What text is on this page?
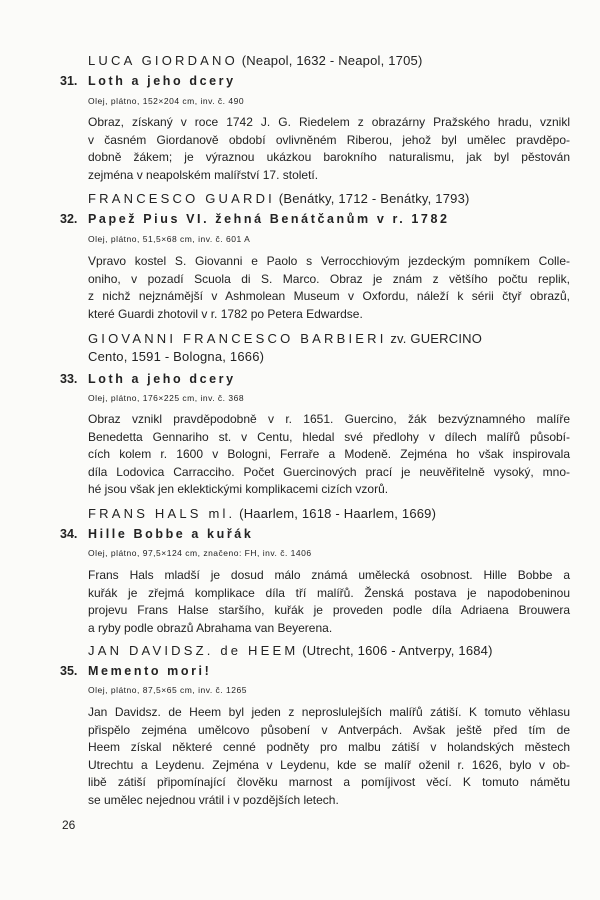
LUCA GIORDANO (Neapol, 1632 - Neapol, 1705)
31. Loth a jeho dcery
Olej, plátno, 152×204 cm, inv. č. 490
Obraz, získaný v roce 1742 J. G. Riedelem z obrazárny Pražského hradu, vznikl
v časném Giordanově období ovlivněném Riberou, jehož byl umělec pravděpo-
dobně žákem; je výraznou ukázkou barokního naturalismu, jak byl pěstován
zejména v neapolském malířství 17. století.
FRANCESCO GUARDI (Benátky, 1712 - Benátky, 1793)
32. Papež Pius VI. žehná Benátčanům v r. 1782
Olej, plátno, 51,5×68 cm, inv. č. 601 A
Vpravo kostel S. Giovanni e Paolo s Verrocchiovým jezdeckým pomníkem Colle-
oniho, v pozadí Scuola di S. Marco. Obraz je znám z většího počtu replik,
z nichž nejznámější v Ashmolean Museum v Oxfordu, náleží k sérii čtyř obrazů,
které Guardi zhotovil v r. 1782 po Petera Edwardse.
GIOVANNI FRANCESCO BARBIERI zv. GUERCINO
Cento, 1591 - Bologna, 1666)
33. Loth a jeho dcery
Olej, plátno, 176×225 cm, inv. č. 368
Obraz vznikl pravděpodobně v r. 1651. Guercino, žák bezvýznamného malíře
Benedetta Gennariho st. v Centu, hledal své předlohy v dílech malířů působí-
cích kolem r. 1600 v Bologni, Ferraře a Modeně. Zejména ho však inspirovala
díla Lodovica Carracciho. Počet Guercinových prací je neuvěřitelně vysoký, mno-
hé jsou však jen eklektickými komplikacemi cizích vzorů.
FRANS HALS ml. (Haarlem, 1618 - Haarlem, 1669)
34. Hille Bobbe a kuřák
Olej, plátno, 97,5×124 cm, značeno: FH, inv. č. 1406
Frans Hals mladší je dosud málo známá umělecká osobnost. Hille Bobbe a
kuřák je zřejmá komplikace díla tří malířů. Ženská postava je napodobeninou
projevu Frans Halse staršího, kuřák je proveden podle díla Adriaena Brouwera
a ryby podle obrazů Abrahama van Beyerena.
JAN DAVIDSZ. de HEEM (Utrecht, 1606 - Antverpy, 1684)
35. Memento mori!
Olej, plátno, 87,5×65 cm, inv. č. 1265
Jan Davidsz. de Heem byl jeden z neproslulejších malířů zátiší. K tomuto věhlasu
přispělo zejména umělcovo působení v Antverpách. Avšak ještě před tím de
Heem získal některé cenné podněty pro malbu zátiší v holandských městech
Utrechtu a Leydenu. Zejména v Leydenu, kde se malíř oženil r. 1626, bylo v ob-
libě zátiší připomínající člověku marnost a pomíjivost věcí. K tomuto námětu
se umělec nejednou vrátil i v pozdějších letech.
26
